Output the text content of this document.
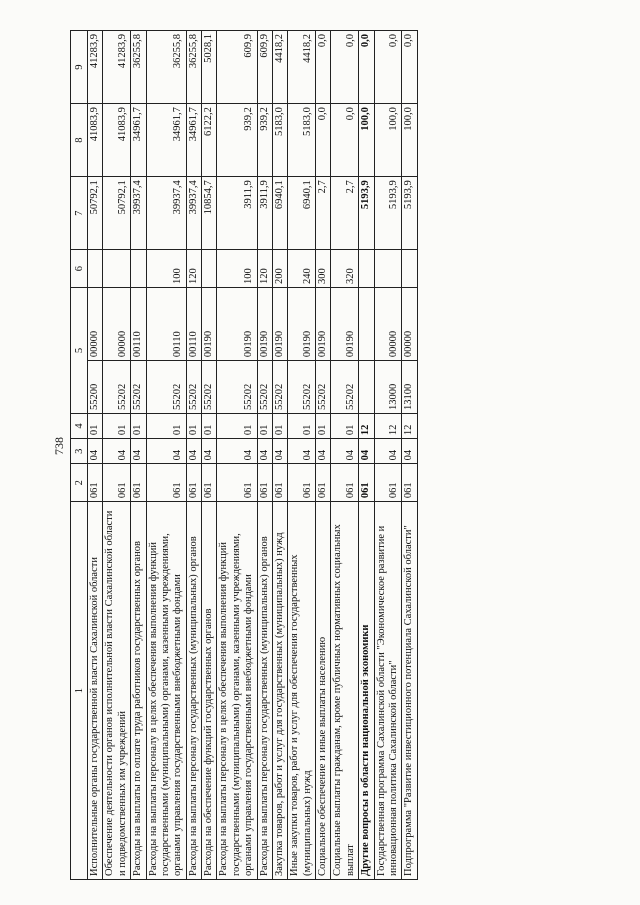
738
1	2	3	4	5		6	7	8	9
Исполнительные органы государственной власти Сахалинской области	061	04	01	55200	00000		50792,1	41083,9	41283,9
Обеспечение деятельности органов исполнительной власти Сахалинской области и подведомственных им учреждений	061	04	01	55202	00000		50792,1	41083,9	41283,9
Расходы на выплаты по оплате труда работников государственных органов	061	04	01	55202	00110		39937,4	34961,7	36255,8
Расходы на выплаты персоналу в целях обеспечения выполнения функций государственными (муниципальными) органами, казенными учреждениями, органами управления государственными внебюджетными фондами	061	04	01	55202	00110	100	39937,4	34961,7	36255,8
Расходы на выплаты персоналу государственных (муниципальных) органов	061	04	01	55202	00110	120	39937,4	34961,7	36255,8
Расходы на обеспечение функций государственных органов	061	04	01	55202	00190		10854,7	6122,2	5028,1
Расходы на выплаты персоналу в целях обеспечения выполнения функций государственными (муниципальными) органами, казенными учреждениями, органами управления государственными внебюджетными фондами	061	04	01	55202	00190	100	3911,9	939,2	609,9
Расходы на выплаты персоналу государственных (муниципальных) органов	061	04	01	55202	00190	120	3911,9	939,2	609,9
Закупка товаров, работ и услуг для государственных (муниципальных) нужд	061	04	01	55202	00190	200	6940,1	5183,0	4418,2
Иные закупки товаров, работ и услуг для обеспечения государственных (муниципальных) нужд	061	04	01	55202	00190	240	6940,1	5183,0	4418,2
Социальное обеспечение и иные выплаты населению	061	04	01	55202	00190	300	2,7	0,0	0,0
Социальные выплаты гражданам, кроме публичных нормативных социальных выплат	061	04	01	55202	00190	320	2,7	0,0	0,0
Другие вопросы в области национальной экономики	061	04	12				5193,9	100,0	0,0
Государственная программа Сахалинской области "Экономическое развитие и инновационная политика Сахалинской области"	061	04	12	13000	00000		5193,9	100,0	0,0
Подпрограмма "Развитие инвестиционного потенциала Сахалинской области"	061	04	12	13100	00000		5193,9	100,0	0,0
